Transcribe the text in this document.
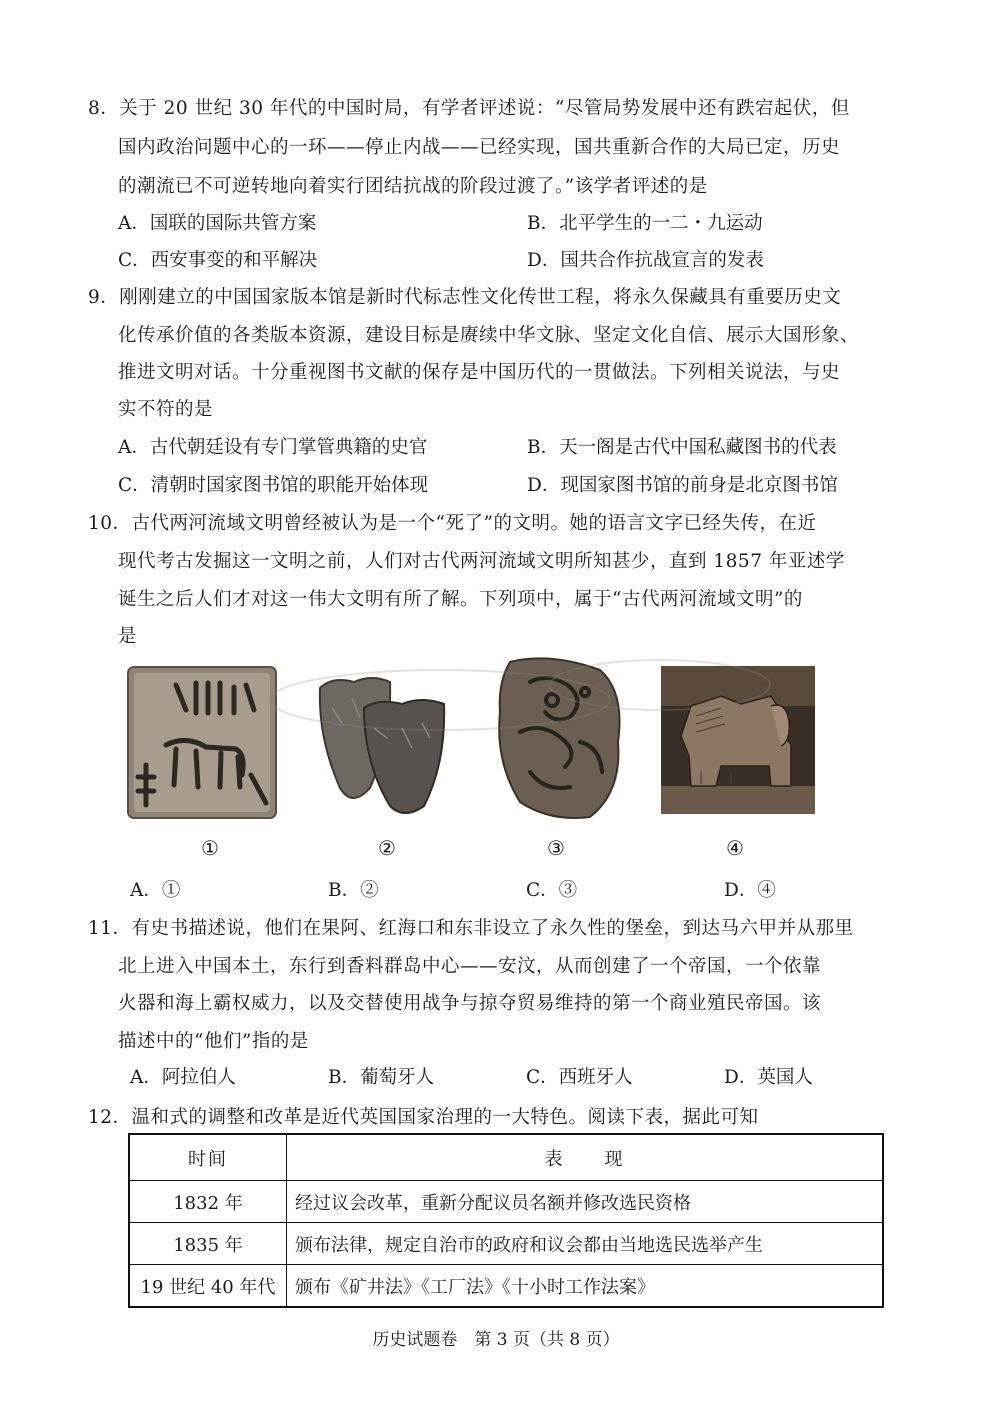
8．关于 20 世纪 30 年代的中国时局，有学者评述说：“尽管局势发展中还有跌宕起伏，但
国内政治问题中心的一环——停止内战——已经实现，国共重新合作的大局已定，历史
的潮流已不可逆转地向着实行团结抗战的阶段过渡了。”该学者评述的是
A．国联的国际共管方案	B．北平学生的一二・九运动
C．西安事变的和平解决	D．国共合作抗战宣言的发表
9．刚刚建立的中国国家版本馆是新时代标志性文化传世工程，将永久保藏具有重要历史文
化传承价值的各类版本资源，建设目标是赓续中华文脉、坚定文化自信、展示大国形象、
推进文明对话。十分重视图书文献的保存是中国历代的一贯做法。下列相关说法，与史
实不符的是
A．古代朝廷设有专门掌管典籍的史官	B．天一阁是古代中国私藏图书的代表
C．清朝时国家图书馆的职能开始体现	D．现国家图书馆的前身是北京图书馆
10．古代两河流域文明曾经被认为是一个“死了”的文明。她的语言文字已经失传，在近
现代考古发掘这一文明之前，人们对古代两河流域文明所知甚少，直到 1857 年亚述学
诞生之后人们才对这一伟大文明有所了解。下列项中，属于“古代两河流域文明”的
是
①	②	③	④
A．①	B．②	C．③	D．④
11．有史书描述说，他们在果阿、红海口和东非设立了永久性的堡垒，到达马六甲并从那里
北上进入中国本土，东行到香料群岛中心——安汶，从而创建了一个帝国，一个依靠
火器和海上霸权威力，以及交替使用战争与掠夺贸易维持的第一个商业殖民帝国。该
描述中的“他们”指的是
A．阿拉伯人	B．葡萄牙人	C．西班牙人	D．英国人
12．温和式的调整和改革是近代英国国家治理的一大特色。阅读下表，据此可知
时间	表　　现
1832 年	经过议会改革，重新分配议员名额并修改选民资格
1835 年	颁布法律，规定自治市的政府和议会都由当地选民选举产生
19 世纪 40 年代	颁布《矿井法》《工厂法》《十小时工作法案》
历史试题卷　第 3 页（共 8 页）
